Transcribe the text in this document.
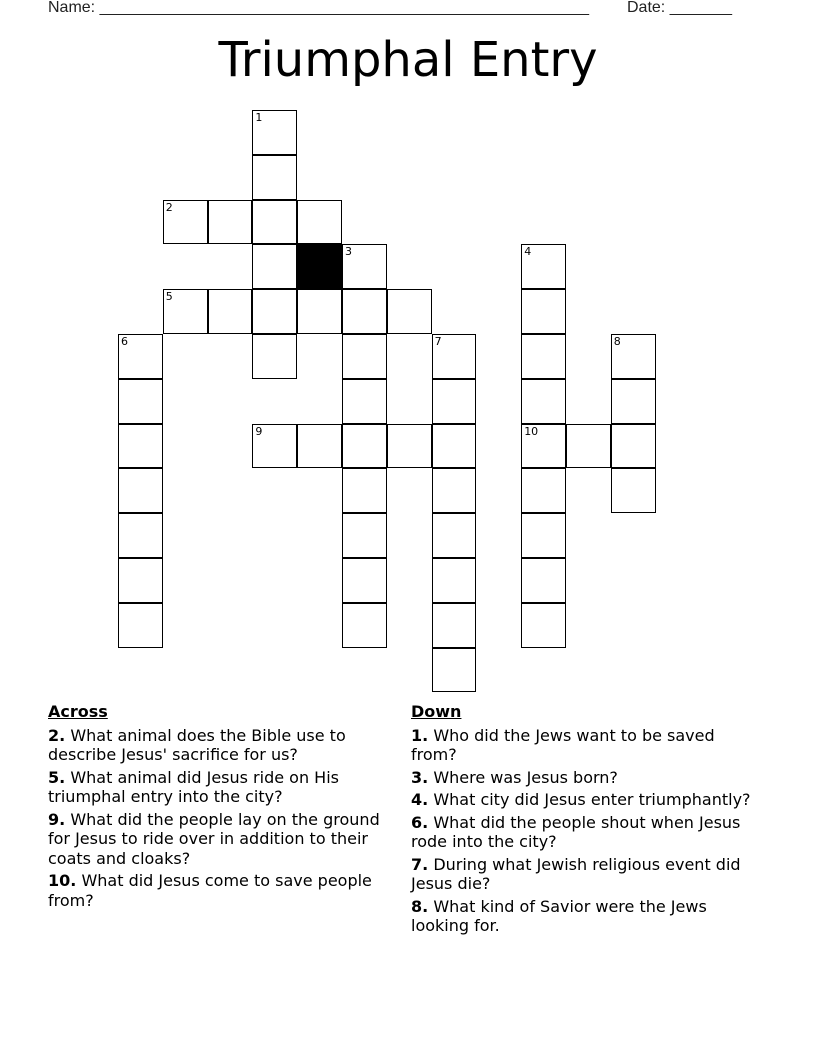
Name: _______________________________________________________ Date: _______
Triumphal Entry
1
2
3	4
5
6	7	8
9	10
Across
2. What animal does the Bible use to describe Jesus' sacrifice for us?
5. What animal did Jesus ride on His triumphal entry into the city?
9. What did the people lay on the ground for Jesus to ride over in addition to their coats and cloaks?
10. What did Jesus come to save people from?
Down
1. Who did the Jews want to be saved from?
3. Where was Jesus born?
4. What city did Jesus enter triumphantly?
6. What did the people shout when Jesus rode into the city?
7. During what Jewish religious event did Jesus die?
8. What kind of Savior were the Jews looking for.
